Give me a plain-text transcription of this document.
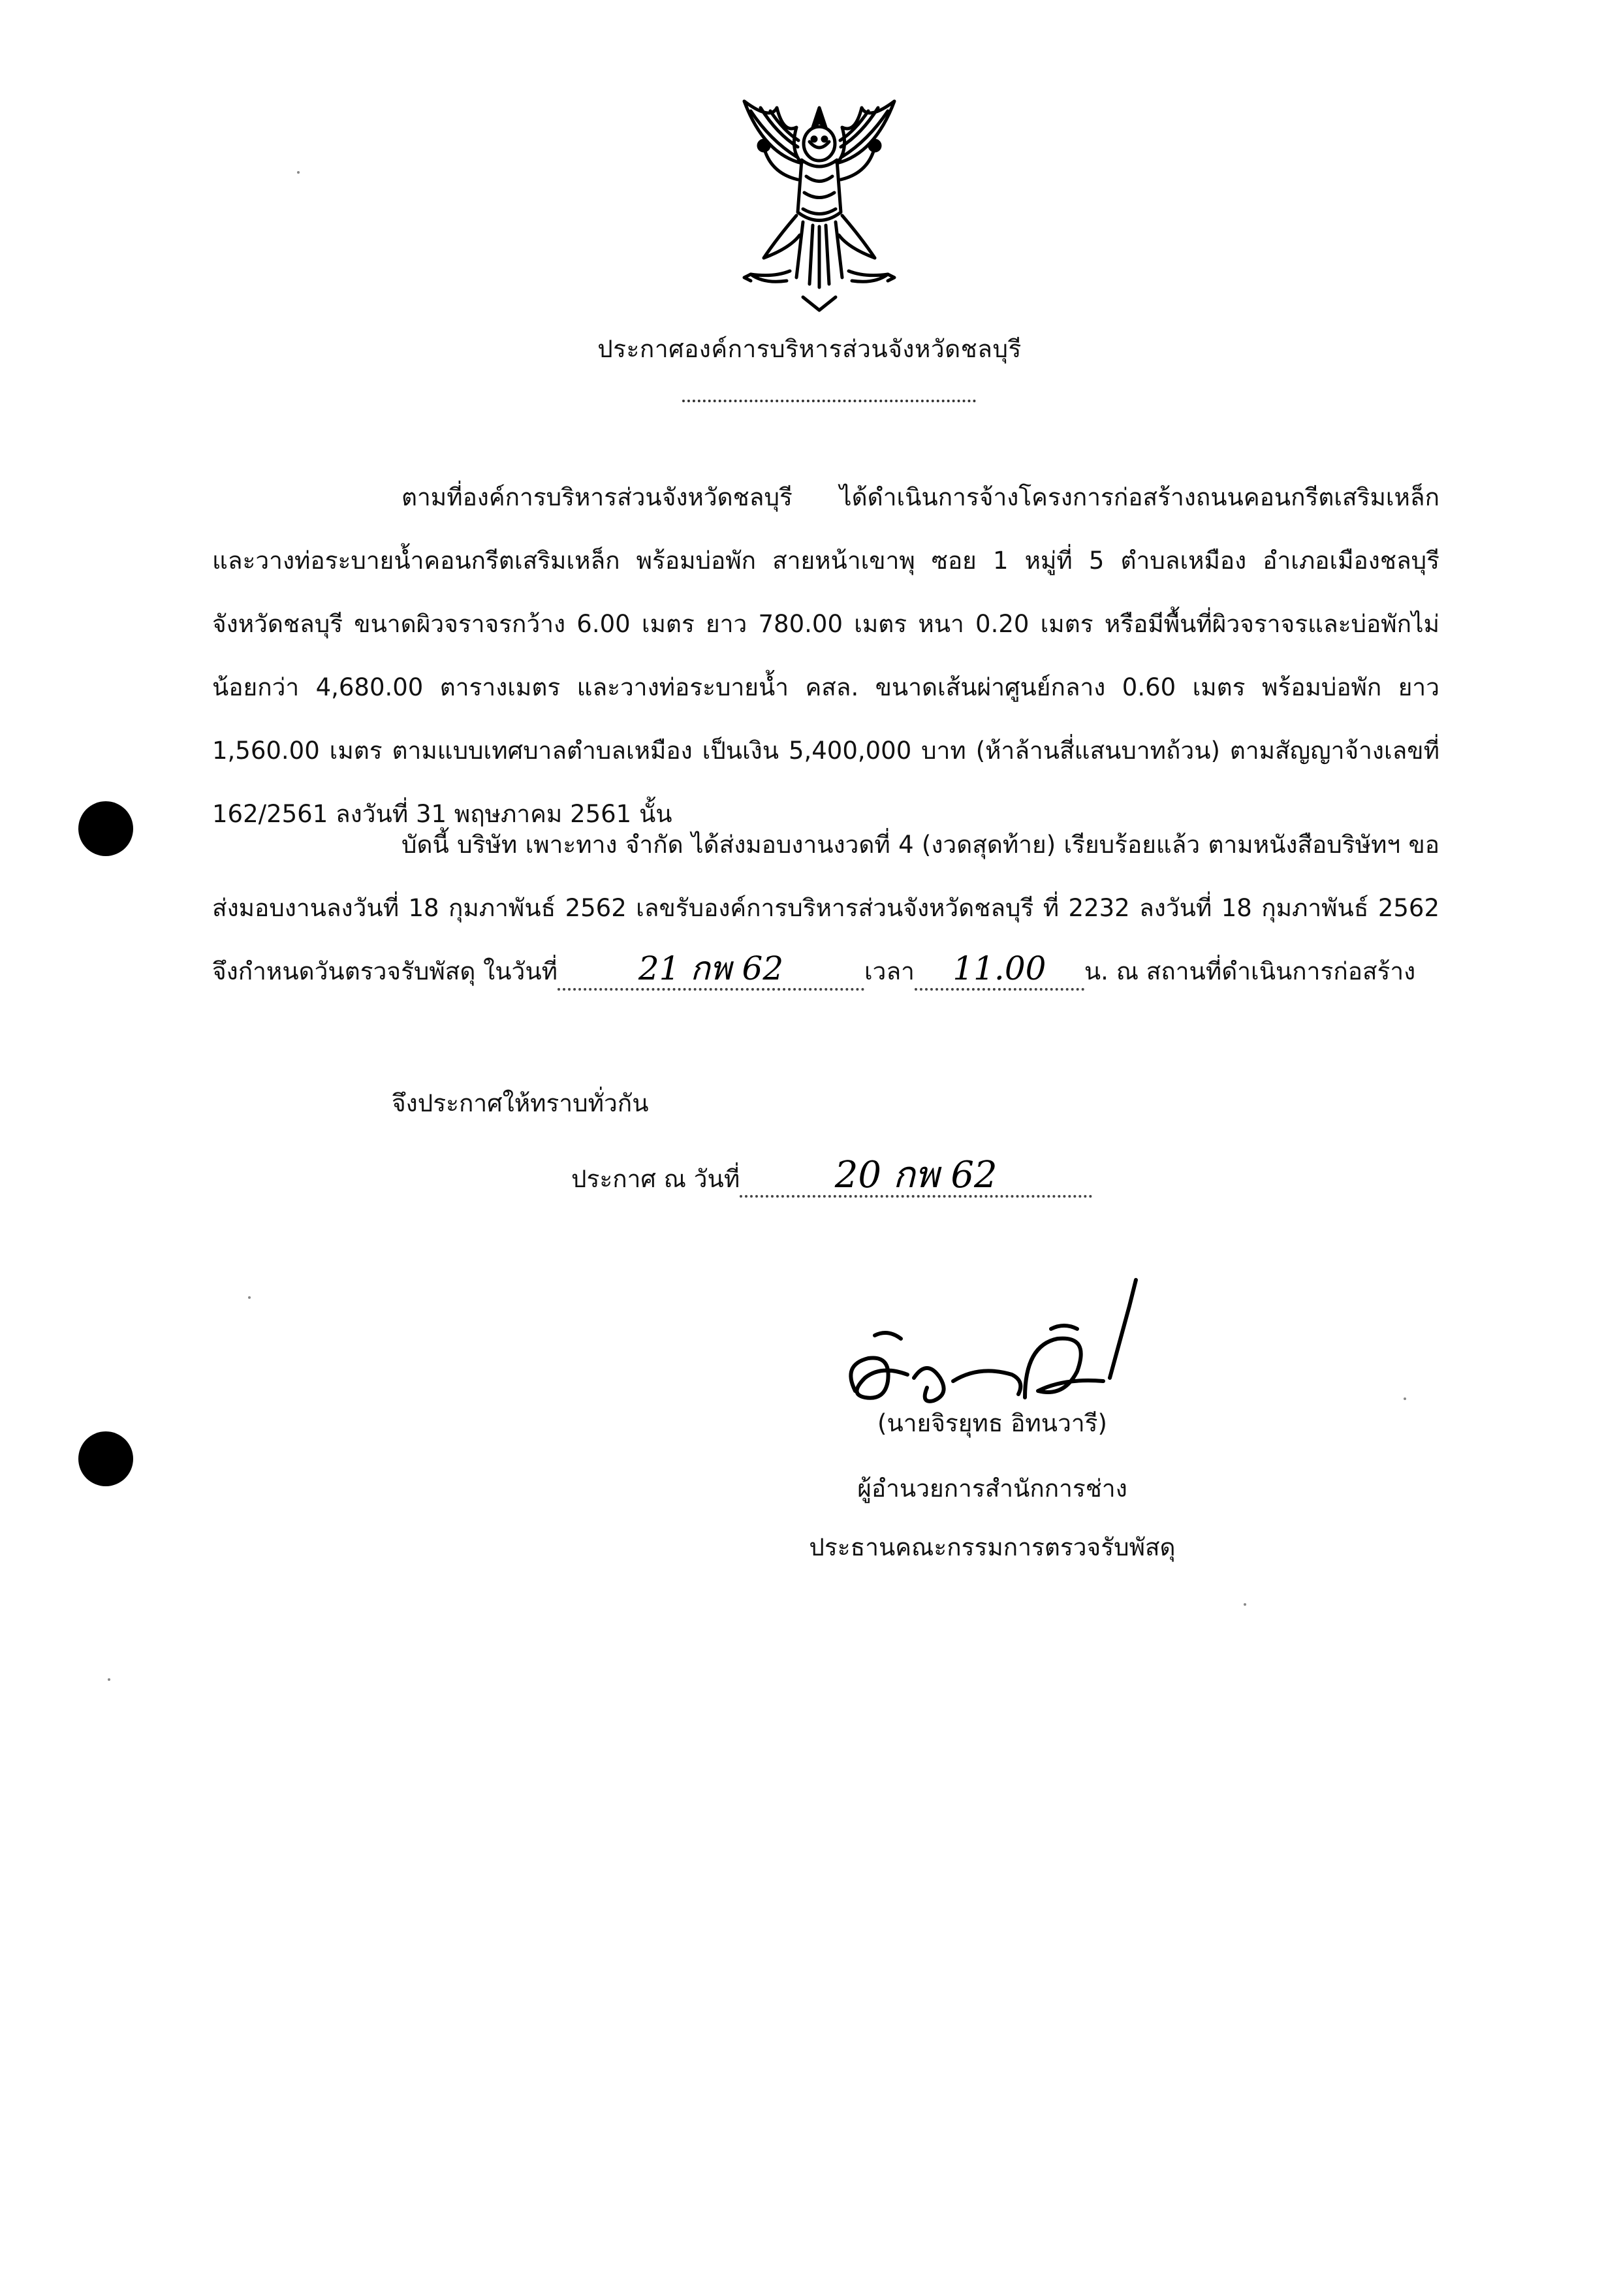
ประกาศองค์การบริหารส่วนจังหวัดชลบุรี
ตามที่องค์การบริหารส่วนจังหวัดชลบุรี ได้ดำเนินการจ้างโครงการก่อสร้างถนนคอนกรีตเสริมเหล็กและวางท่อระบายน้ำคอนกรีตเสริมเหล็ก พร้อมบ่อพัก สายหน้าเขาพุ ซอย 1 หมู่ที่ 5 ตำบลเหมือง อำเภอเมืองชลบุรี จังหวัดชลบุรี ขนาดผิวจราจรกว้าง 6.00 เมตร ยาว 780.00 เมตร หนา 0.20 เมตร หรือมีพื้นที่ผิวจราจรและบ่อพักไม่น้อยกว่า 4,680.00 ตารางเมตร และวางท่อระบายน้ำ คสล. ขนาดเส้นผ่าศูนย์กลาง 0.60 เมตร พร้อมบ่อพัก ยาว 1,560.00 เมตร ตามแบบเทศบาลตำบลเหมือง เป็นเงิน 5,400,000 บาท (ห้าล้านสี่แสนบาทถ้วน) ตามสัญญาจ้างเลขที่ 162/2561 ลงวันที่ 31 พฤษภาคม 2561 นั้น
บัดนี้ บริษัท เพาะทาง จำกัด ได้ส่งมอบงานงวดที่ 4 (งวดสุดท้าย) เรียบร้อยแล้ว ตามหนังสือบริษัทฯ ขอส่งมอบงานลงวันที่ 18 กุมภาพันธ์ 2562 เลขรับองค์การบริหารส่วนจังหวัดชลบุรี ที่ 2232 ลงวันที่ 18 กุมภาพันธ์ 2562 จึงกำหนดวันตรวจรับพัสดุ ในวันที่ 21 กพ 62	เวลา 11.00 น. ณ สถานที่ดำเนินการก่อสร้าง
จึงประกาศให้ทราบทั่วกัน
ประกาศ ณ วันที่	20 กพ 62
(นายจิรยุทธ อิทนวารี)
ผู้อำนวยการสำนักการช่าง
ประธานคณะกรรมการตรวจรับพัสดุ
